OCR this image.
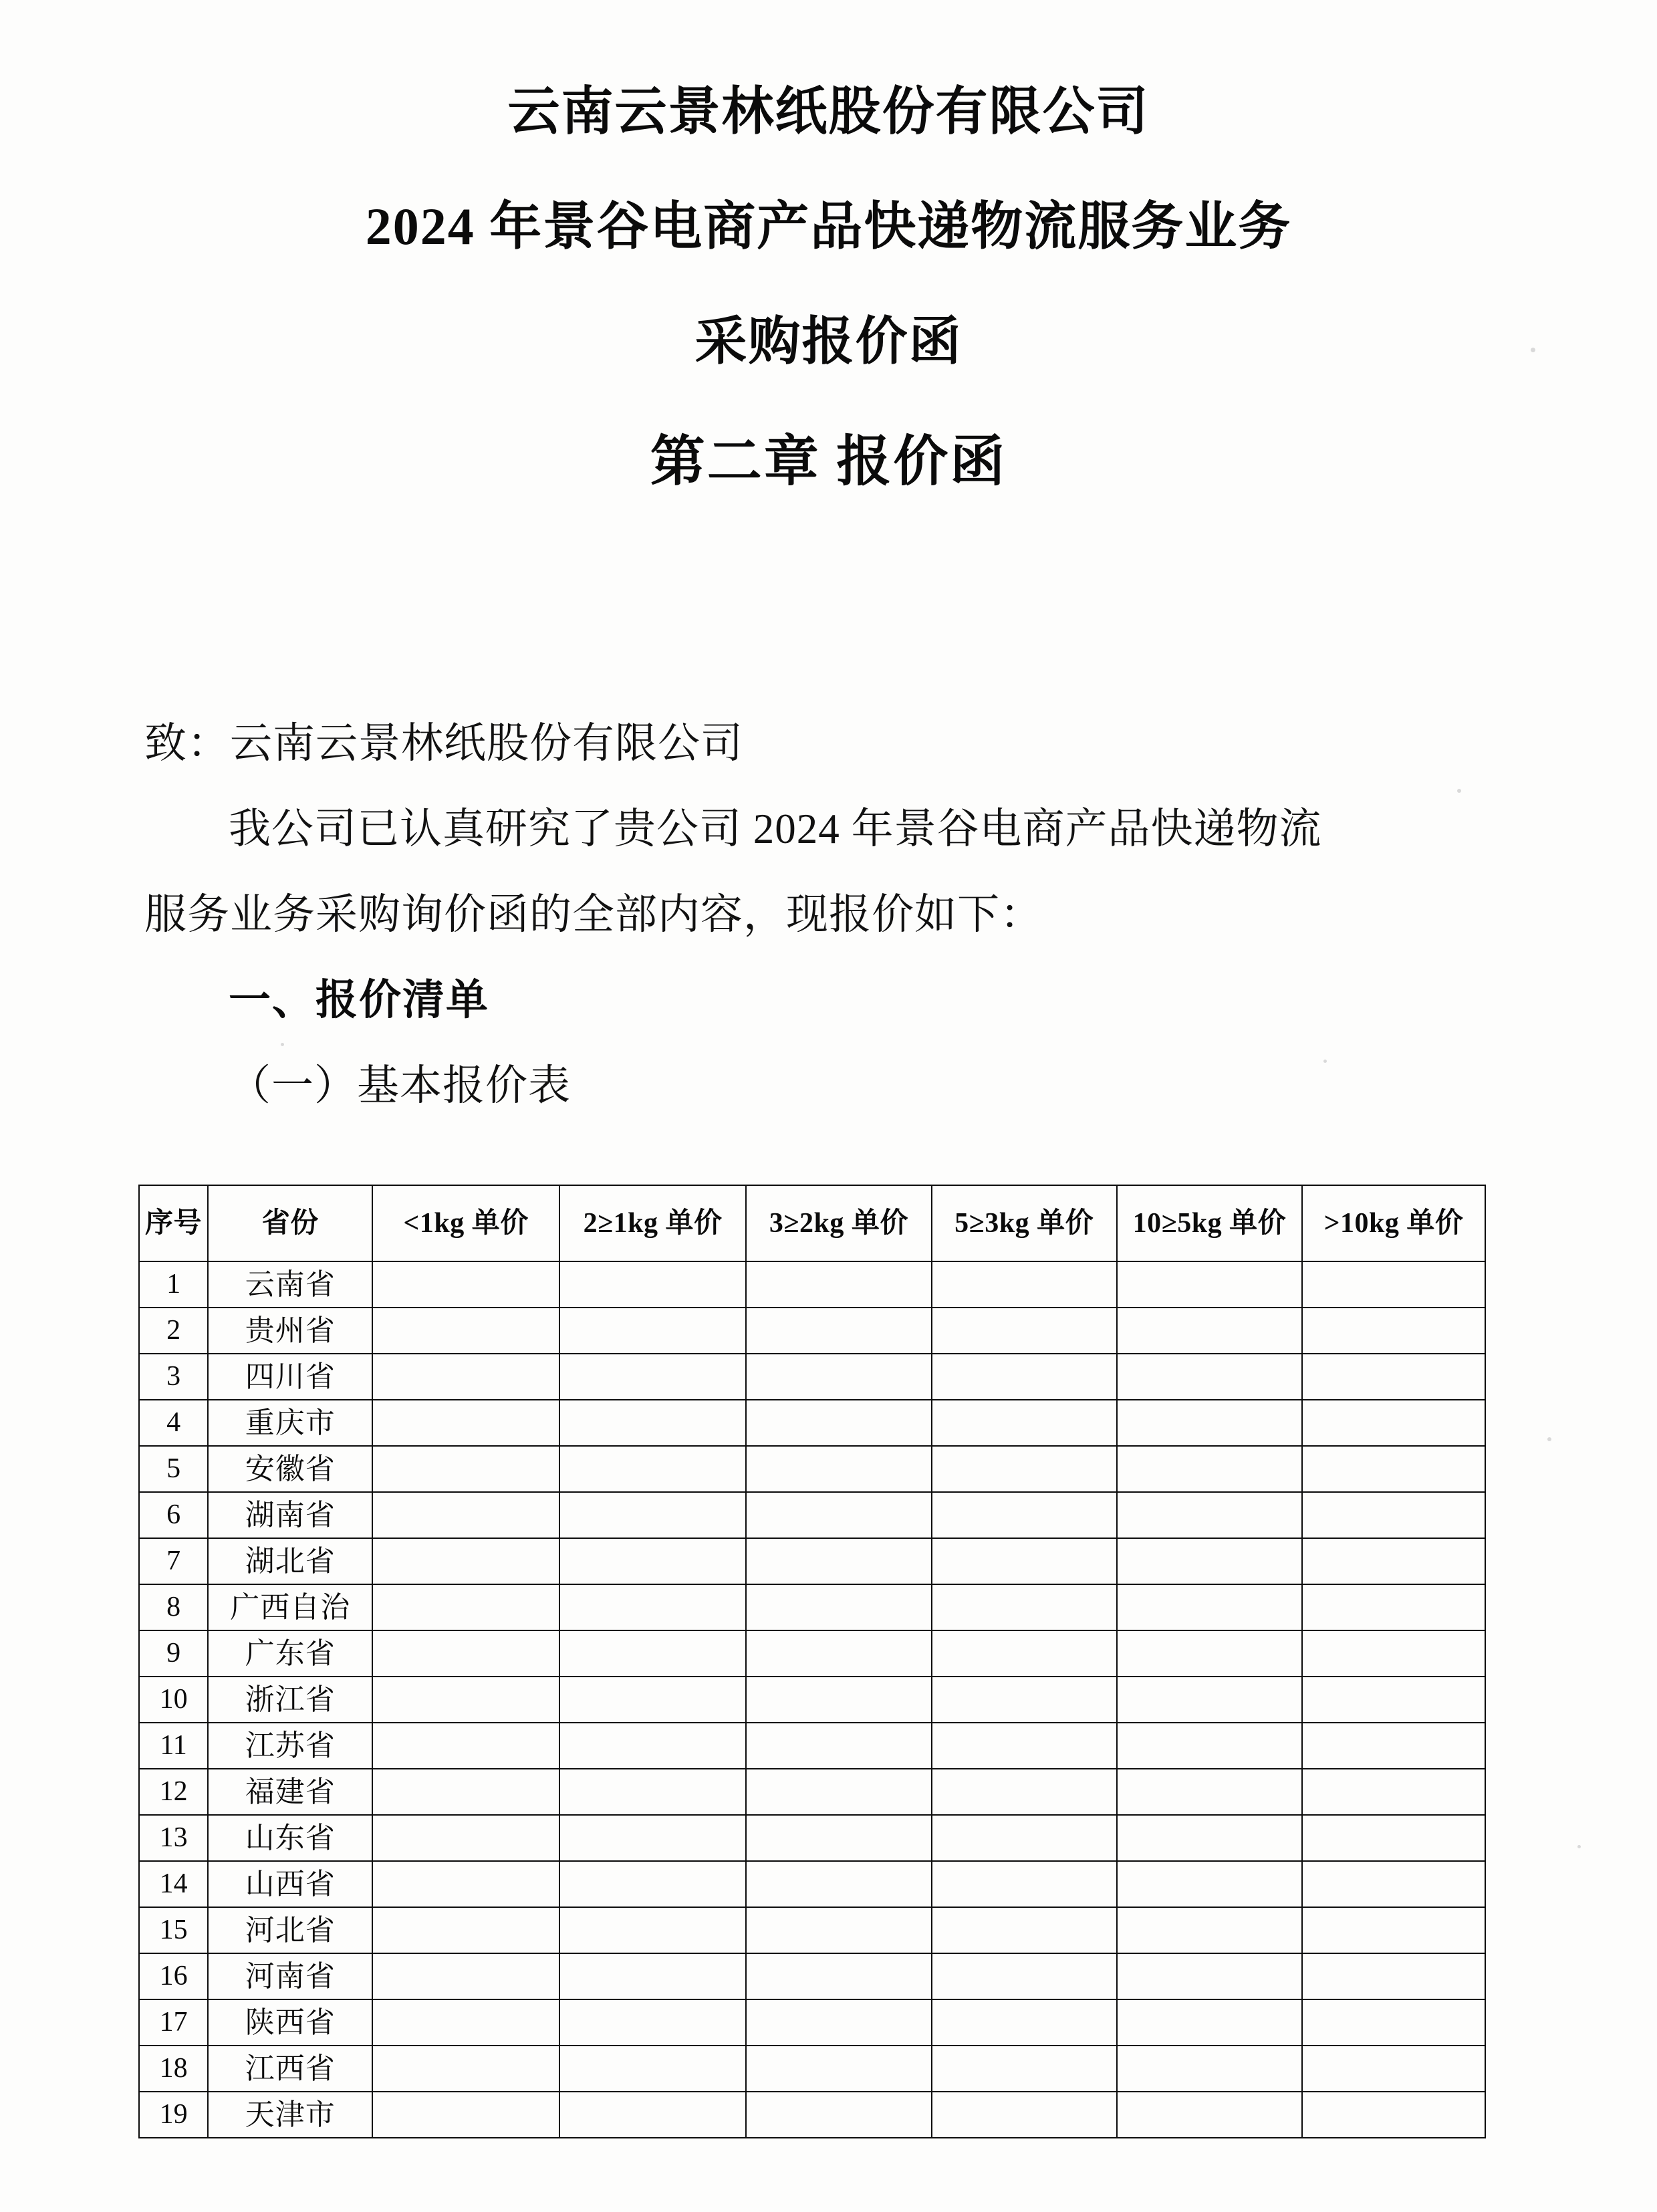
云南云景林纸股份有限公司
2024 年景谷电商产品快递物流服务业务
采购报价函
第二章 报价函
致：云南云景林纸股份有限公司
我公司已认真研究了贵公司 2024 年景谷电商产品快递物流
服务业务采购询价函的全部内容，现报价如下：
一、报价清单
（一）基本报价表
序号	省份	<1kg 单价	2≥1kg 单价	3≥2kg 单价	5≥3kg 单价	10≥5kg 单价	>10kg 单价
1	云南省						
2	贵州省						
3	四川省						
4	重庆市						
5	安徽省						
6	湖南省						
7	湖北省						
8	广西自治						
9	广东省						
10	浙江省						
11	江苏省						
12	福建省						
13	山东省						
14	山西省						
15	河北省						
16	河南省						
17	陕西省						
18	江西省						
19	天津市						
